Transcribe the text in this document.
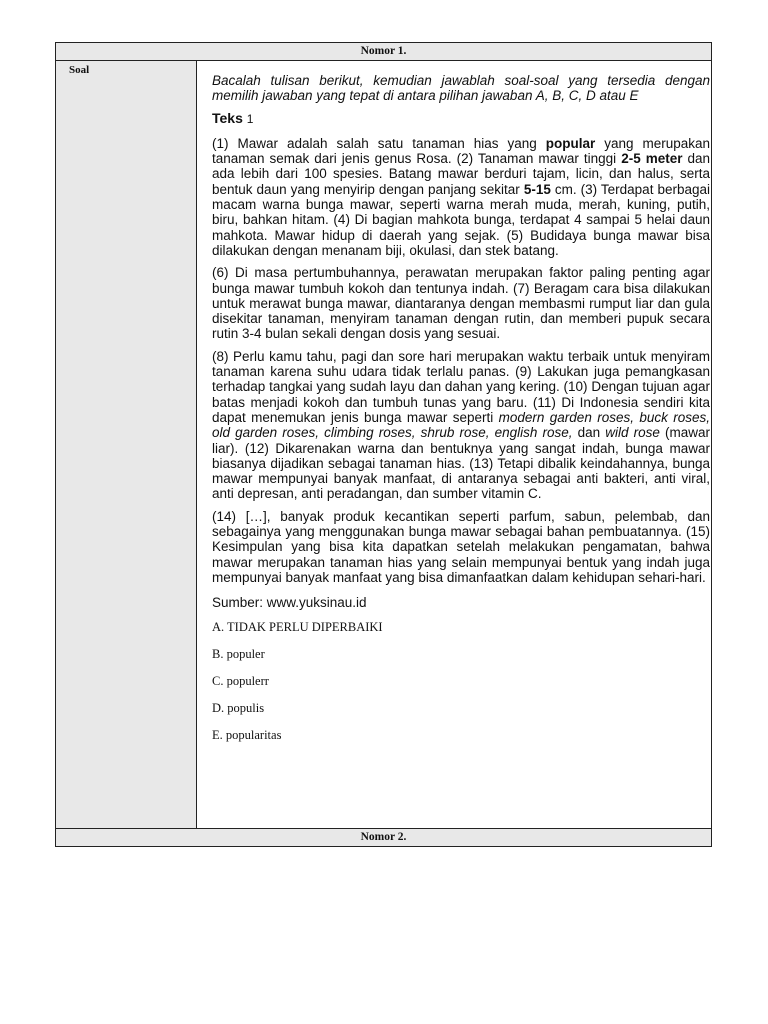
Nomor 1.
Soal

Bacalah tulisan berikut, kemudian jawablah soal-soal yang tersedia dengan memilih jawaban yang tepat di antara pilihan jawaban A, B, C, D atau E

Teks 1

(1) Mawar adalah salah satu tanaman hias yang popular yang merupakan tanaman semak dari jenis genus Rosa. (2) Tanaman mawar tinggi 2-5 meter dan ada lebih dari 100 spesies. Batang mawar berduri tajam, licin, dan halus, serta bentuk daun yang menyirip dengan panjang sekitar 5-15 cm. (3) Terdapat berbagai macam warna bunga mawar, seperti warna merah muda, merah, kuning, putih, biru, bahkan hitam. (4) Di bagian mahkota bunga, terdapat 4 sampai 5 helai daun mahkota. Mawar hidup di daerah yang sejak. (5) Budidaya bunga mawar bisa dilakukan dengan menanam biji, okulasi, dan stek batang.

(6) Di masa pertumbuhannya, perawatan merupakan faktor paling penting agar bunga mawar tumbuh kokoh dan tentunya indah. (7) Beragam cara bisa dilakukan untuk merawat bunga mawar, diantaranya dengan membasmi rumput liar dan gula disekitar tanaman, menyiram tanaman dengan rutin, dan memberi pupuk secara rutin 3-4 bulan sekali dengan dosis yang sesuai.

(8) Perlu kamu tahu, pagi dan sore hari merupakan waktu terbaik untuk menyiram tanaman karena suhu udara tidak terlalu panas. (9) Lakukan juga pemangkasan terhadap tangkai yang sudah layu dan dahan yang kering. (10) Dengan tujuan agar batas menjadi kokoh dan tumbuh tunas yang baru. (11) Di Indonesia sendiri kita dapat menemukan jenis bunga mawar seperti modern garden roses, buck roses, old garden roses, climbing roses, shrub rose, english rose, dan wild rose (mawar liar). (12) Dikarenakan warna dan bentuknya yang sangat indah, bunga mawar biasanya dijadikan sebagai tanaman hias. (13) Tetapi dibalik keindahannya, bunga mawar mempunyai banyak manfaat, di antaranya sebagai anti bakteri, anti viral, anti depresan, anti peradangan, dan sumber vitamin C.

(14) […], banyak produk kecantikan seperti parfum, sabun, pelembab, dan sebagainya yang menggunakan bunga mawar sebagai bahan pembuatannya. (15) Kesimpulan yang bisa kita dapatkan setelah melakukan pengamatan, bahwa mawar merupakan tanaman hias yang selain mempunyai bentuk yang indah juga mempunyai banyak manfaat yang bisa dimanfaatkan dalam kehidupan sehari-hari.

Sumber: www.yuksinau.id
A. TIDAK PERLU DIPERBAIKI
B. populer
C. populerr
D. populis
E. popularitas
Nomor 2.
